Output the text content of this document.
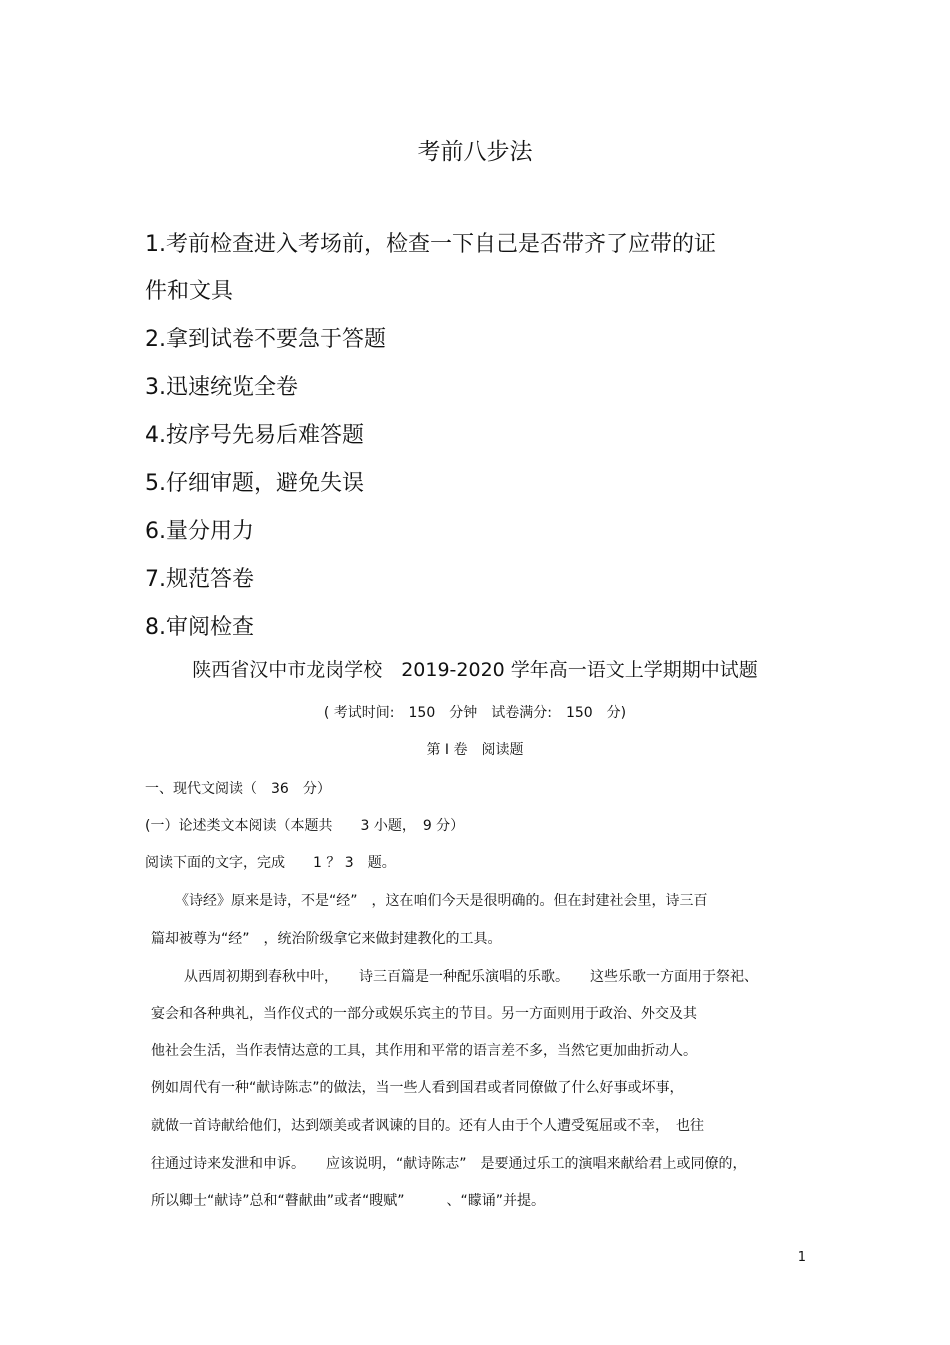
考前八步法
1.考前检查进入考场前，检查一下自己是否带齐了应带的证
件和文具
2.拿到试卷不要急于答题
3.迅速统览全卷
4.按序号先易后难答题
5.仔细审题，避免失误
6.量分用力
7.规范答卷
8.审阅检查
陕西省汉中市龙岗学校　2019-2020 学年高一语文上学期期中试题
( 考试时间:　150　分钟　试卷满分:　150　分)
第 Ⅰ 卷　阅读题
一、现代文阅读（　36　分）
(一）论述类文本阅读（本题共　　3 小题，　9 分）
阅读下面的文字，完成　　1 ？ 3　题。
《诗经》原来是诗，不是“经”　，这在咱们今天是很明确的。但在封建社会里，诗三百
篇却被尊为“经”　，统治阶级拿它来做封建教化的工具。
从西周初期到春秋中叶，　　诗三百篇是一种配乐演唱的乐歌。　　这些乐歌一方面用于祭祀、
宴会和各种典礼，当作仪式的一部分或娱乐宾主的节目。另一方面则用于政治、外交及其
他社会生活，当作表情达意的工具，其作用和平常的语言差不多，当然它更加曲折动人。
例如周代有一种“献诗陈志”的做法，当一些人看到国君或者同僚做了什么好事或坏事，
就做一首诗献给他们，达到颂美或者讽谏的目的。还有人由于个人遭受冤屈或不幸，　也往
往通过诗来发泄和申诉。　　应该说明，“献诗陈志”　是要通过乐工的演唱来献给君上或同僚的，
所以卿士“献诗”总和“瞽献曲”或者“瞍赋”　　　、“矇诵”并提。
1
